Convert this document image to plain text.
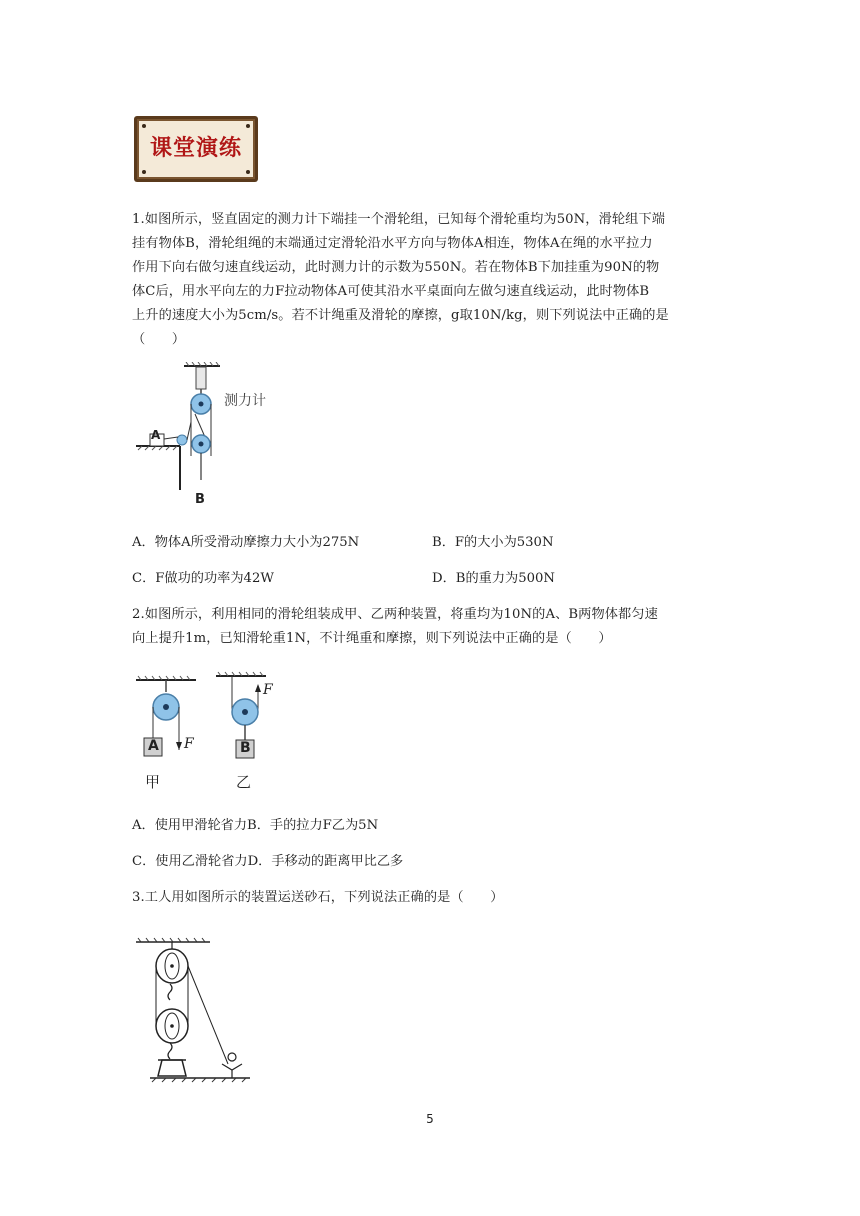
课堂演练
1.如图所示，竖直固定的测力计下端挂一个滑轮组，已知每个滑轮重均为50N，滑轮组下端
挂有物体B，滑轮组绳的末端通过定滑轮沿水平方向与物体A相连，物体A在绳的水平拉力
作用下向右做匀速直线运动，此时测力计的示数为550N。若在物体B下加挂重为90N的物
体C后，用水平向左的力F拉动物体A可使其沿水平桌面向左做匀速直线运动，此时物体B
上升的速度大小为5cm/s。若不计绳重及滑轮的摩擦，g取10N/kg，则下列说法中正确的是
（　　）
测力计
A
B
A．物体A所受滑动摩擦力大小为275N	B．F的大小为530N
C．F做功的功率为42W	D．B的重力为500N
2.如图所示，利用相同的滑轮组装成甲、乙两种装置，将重均为10N的A、B两物体都匀速
向上提升1m，已知滑轮重1N，不计绳重和摩擦，则下列说法中正确的是（　　）
A F	B
F
甲	乙
A．使用甲滑轮省力B．手的拉力F乙为5N
C．使用乙滑轮省力D．手移动的距离甲比乙多
3.工人用如图所示的装置运送砂石，下列说法正确的是（　　）
5
